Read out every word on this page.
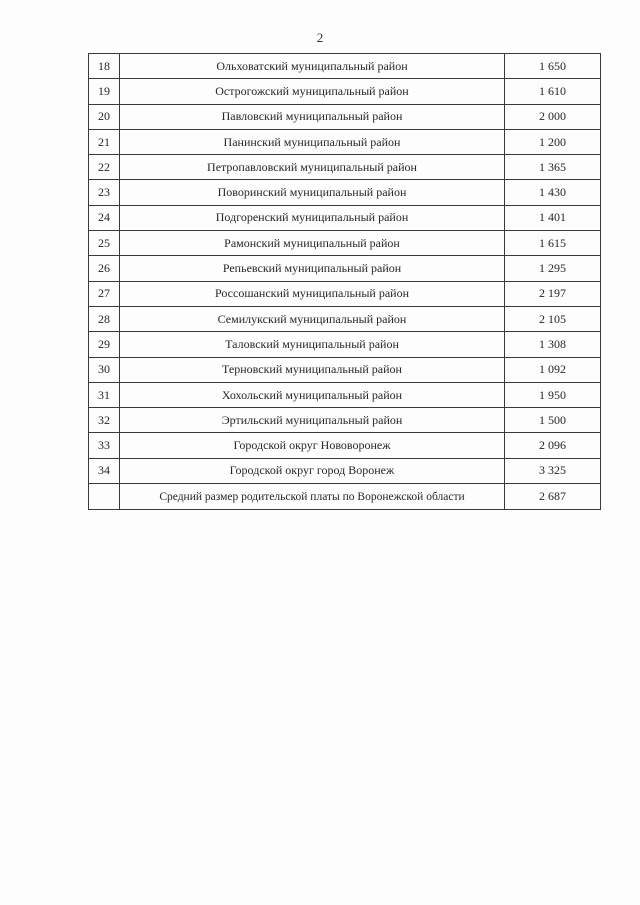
2
18	Ольховатский муниципальный район	1 650
19	Острогожский муниципальный район	1 610
20	Павловский муниципальный район	2 000
21	Панинский муниципальный район	1 200
22	Петропавловский муниципальный район	1 365
23	Поворинский муниципальный район	1 430
24	Подгоренский муниципальный район	1 401
25	Рамонский муниципальный район	1 615
26	Репьевский муниципальный район	1 295
27	Россошанский муниципальный район	2 197
28	Семилукский муниципальный район	2 105
29	Таловский муниципальный район	1 308
30	Терновский муниципальный район	1 092
31	Хохольский муниципальный район	1 950
32	Эртильский муниципальный район	1 500
33	Городской округ Нововоронеж	2 096
34	Городской округ город Воронеж	3 325
	Средний размер родительской платы по Воронежской области	2 687
